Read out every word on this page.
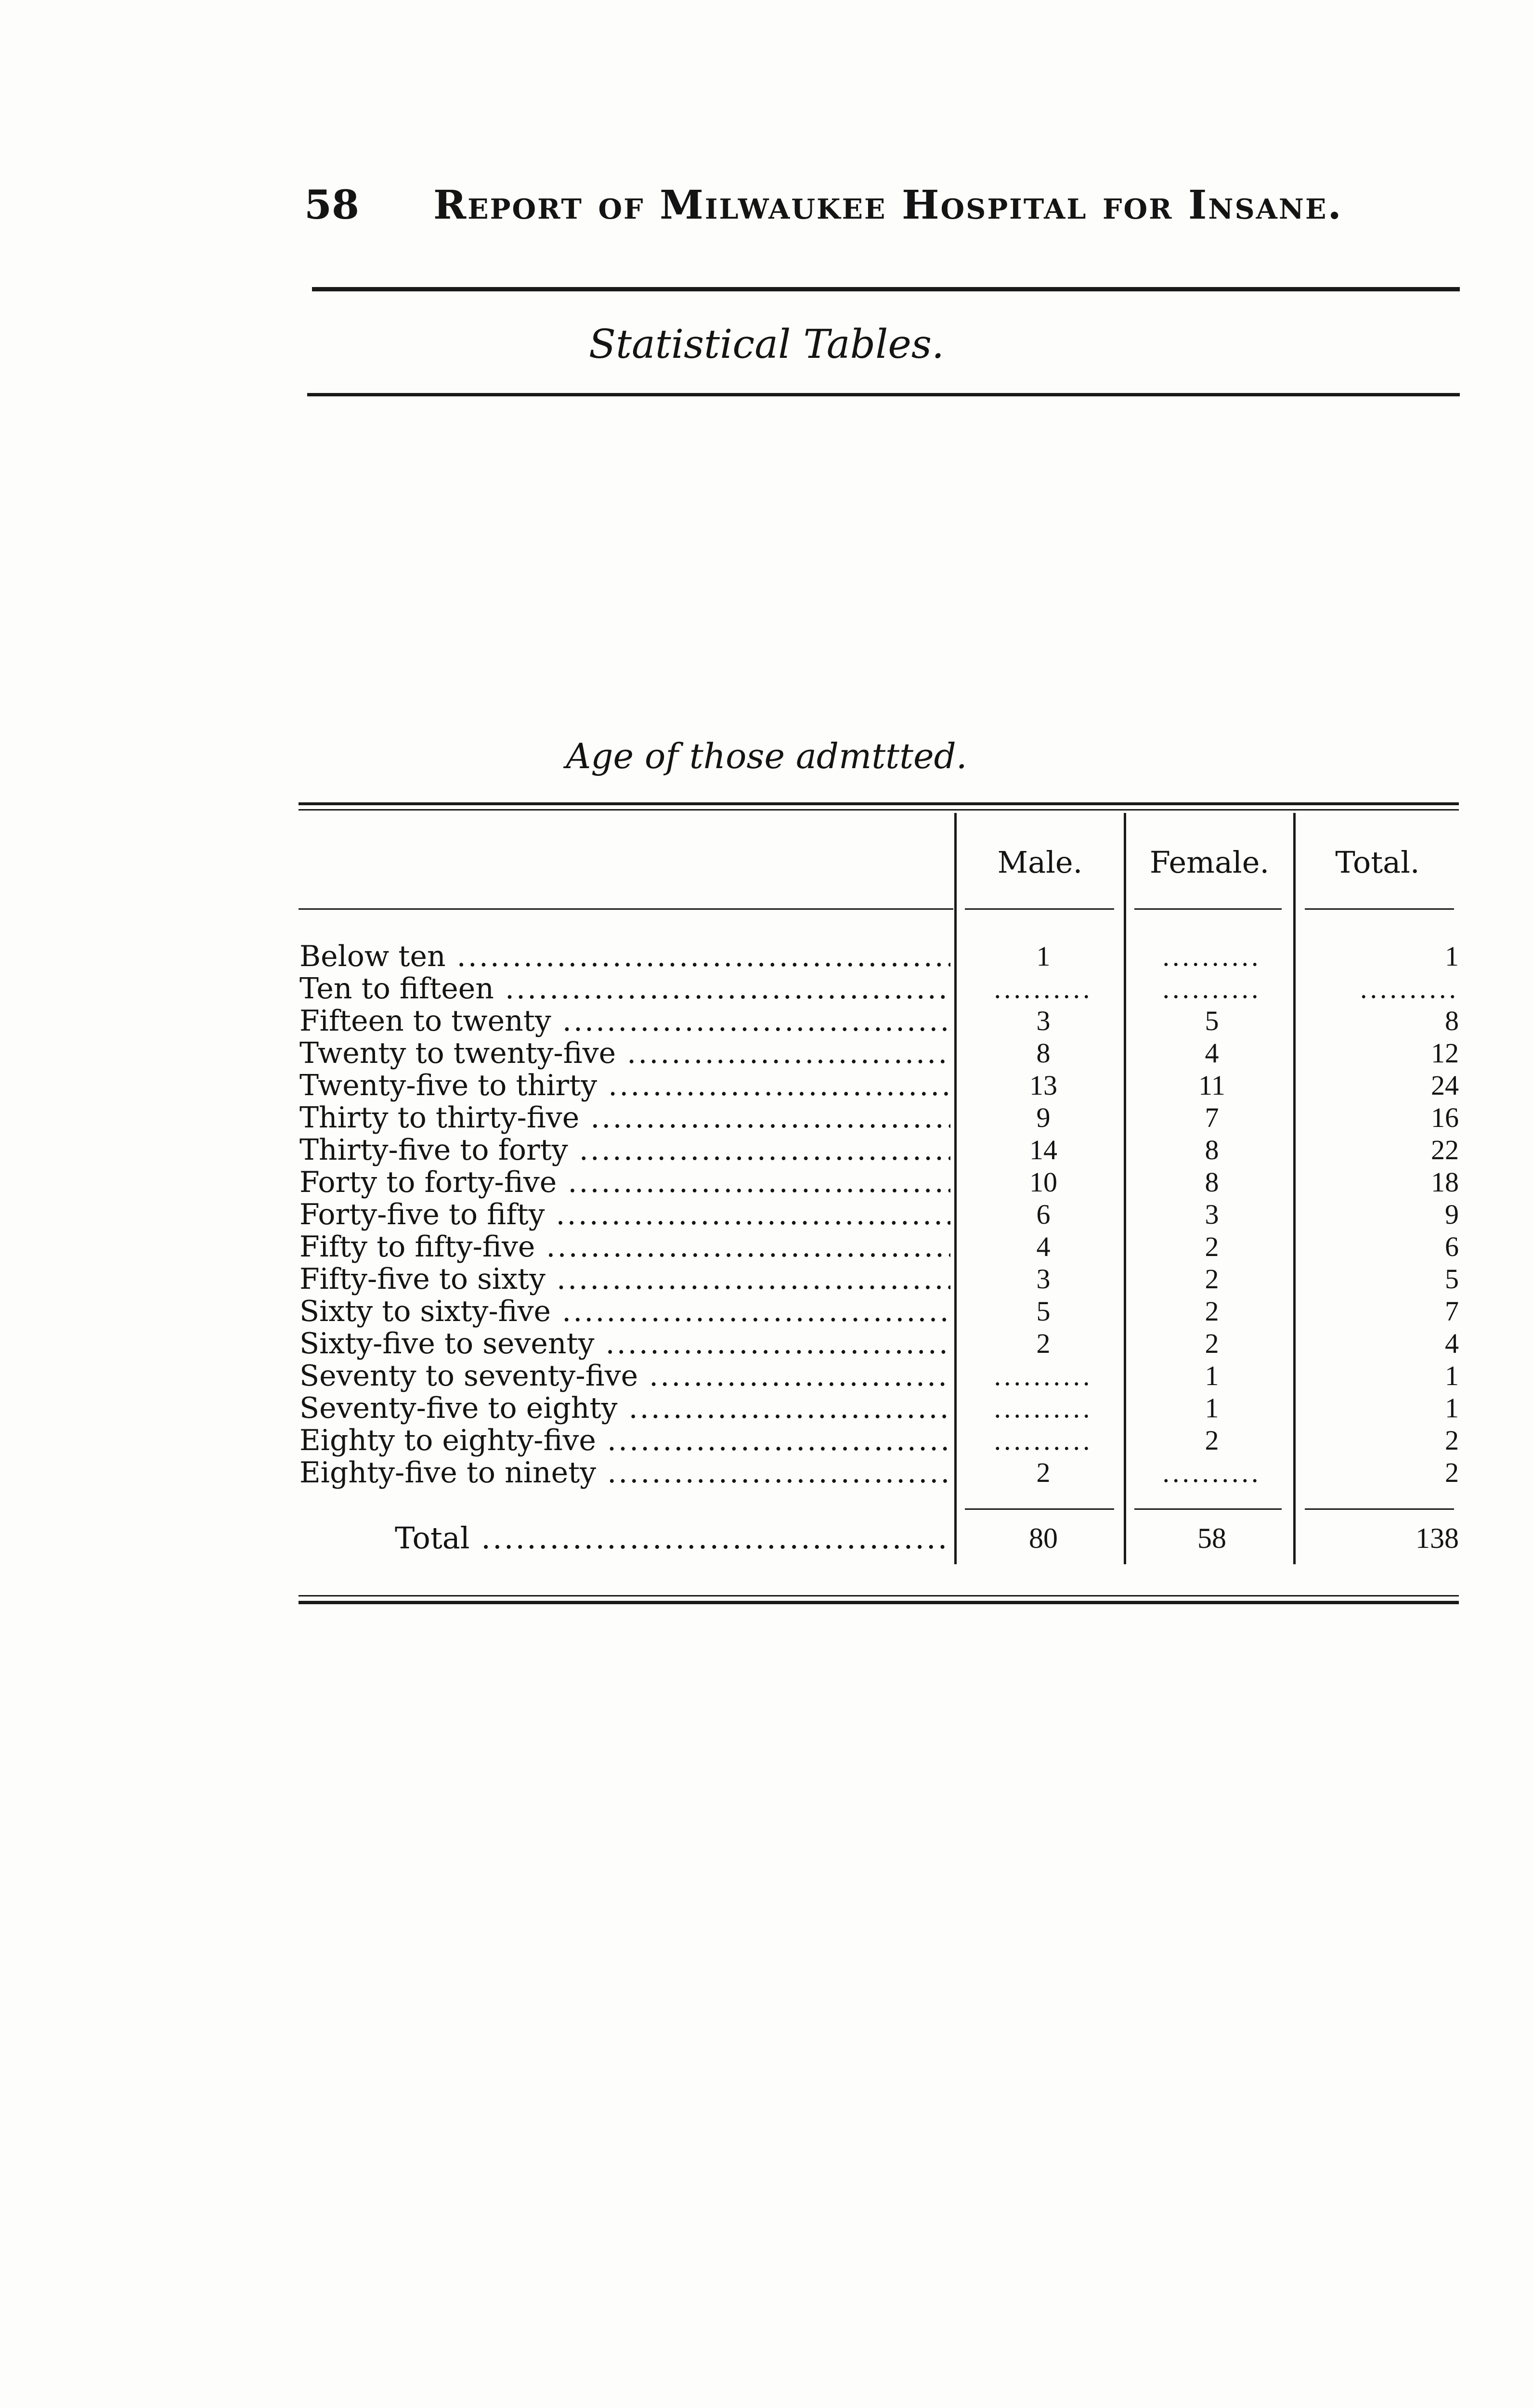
58 Report of Milwaukee Hospital for Insane.
Statistical Tables.
Age of those admttted.
Male.	Female.	Total.
Below ten .....	1	..........	1
Ten to fifteen .....	..........	..........	..........
Fifteen to twenty .....	3	5	8
Twenty to twenty-five .....	8	4	12
Twenty-five to thirty .....	13	11	24
Thirty to thirty-five .....	9	7	16
Thirty-five to forty .....	14	8	22
Forty to forty-five .....	10	8	18
Forty-five to fifty .....	6	3	9
Fifty to fifty-five .....	4	2	6
Fifty-five to sixty .....	3	2	5
Sixty to sixty-five .....	5	2	7
Sixty-five to seventy .....	2	2	4
Seventy to seventy-five .....	..........	1	1
Seventy-five to eighty .....	..........	1	1
Eighty to eighty-five .....	..........	2	2
Eighty-five to ninety .....	2	..........	2
Total .....	80	58	138
